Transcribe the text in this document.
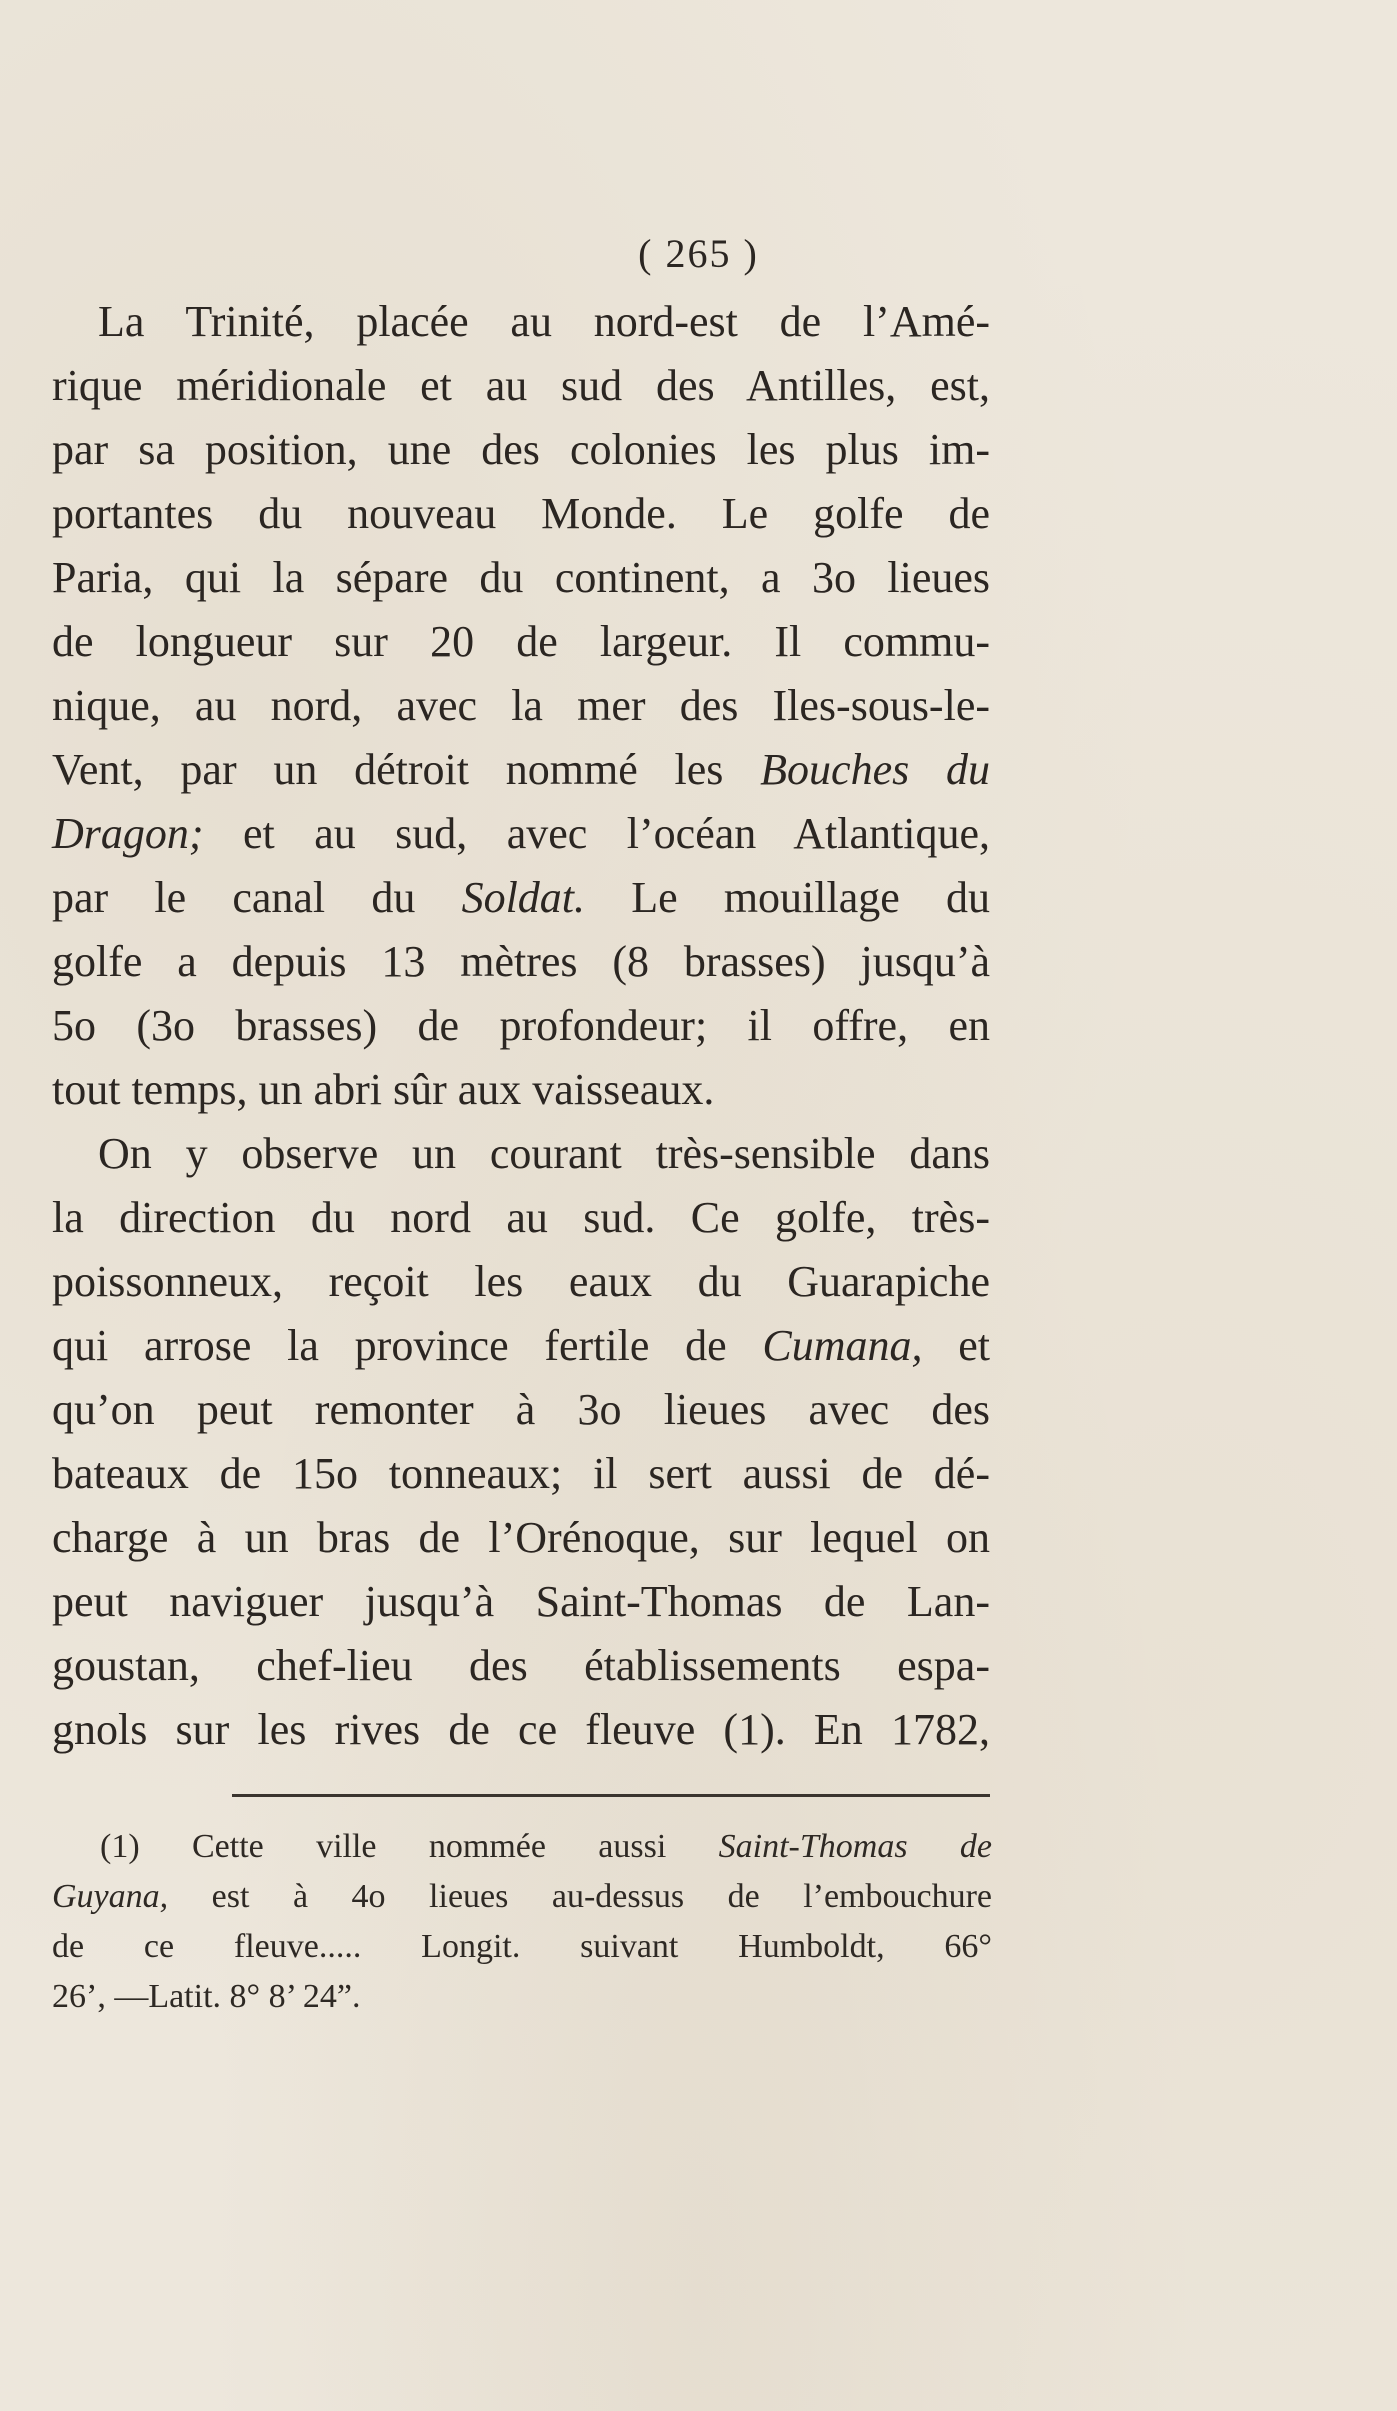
( 265 )
La Trinité, placée au nord-est de l’Amé-
rique méridionale et au sud des Antilles, est,
par sa position, une des colonies les plus im-
portantes du nouveau Monde. Le golfe de
Paria, qui la sépare du continent, a 3o lieues
de longueur sur 20 de largeur. Il commu-
nique, au nord, avec la mer des Iles-sous-le-
Vent, par un détroit nommé les Bouches du
Dragon; et au sud, avec l’océan Atlantique,
par le canal du Soldat. Le mouillage du
golfe a depuis 13 mètres (8 brasses) jusqu’à
5o (3o brasses) de profondeur; il offre, en
tout temps, un abri sûr aux vaisseaux.
On y observe un courant très-sensible dans
la direction du nord au sud. Ce golfe, très-
poissonneux, reçoit les eaux du Guarapiche
qui arrose la province fertile de Cumana, et
qu’on peut remonter à 3o lieues avec des
bateaux de 15o tonneaux; il sert aussi de dé-
charge à un bras de l’Orénoque, sur lequel on
peut naviguer jusqu’à Saint-Thomas de Lan-
goustan, chef-lieu des établissements espa-
gnols sur les rives de ce fleuve (1). En 1782,
(1) Cette ville nommée aussi Saint-Thomas de
Guyana, est à 4o lieues au-dessus de l’embouchure
de ce fleuve..... Longit. suivant Humboldt, 66°
26’, —Latit. 8° 8’ 24”.
